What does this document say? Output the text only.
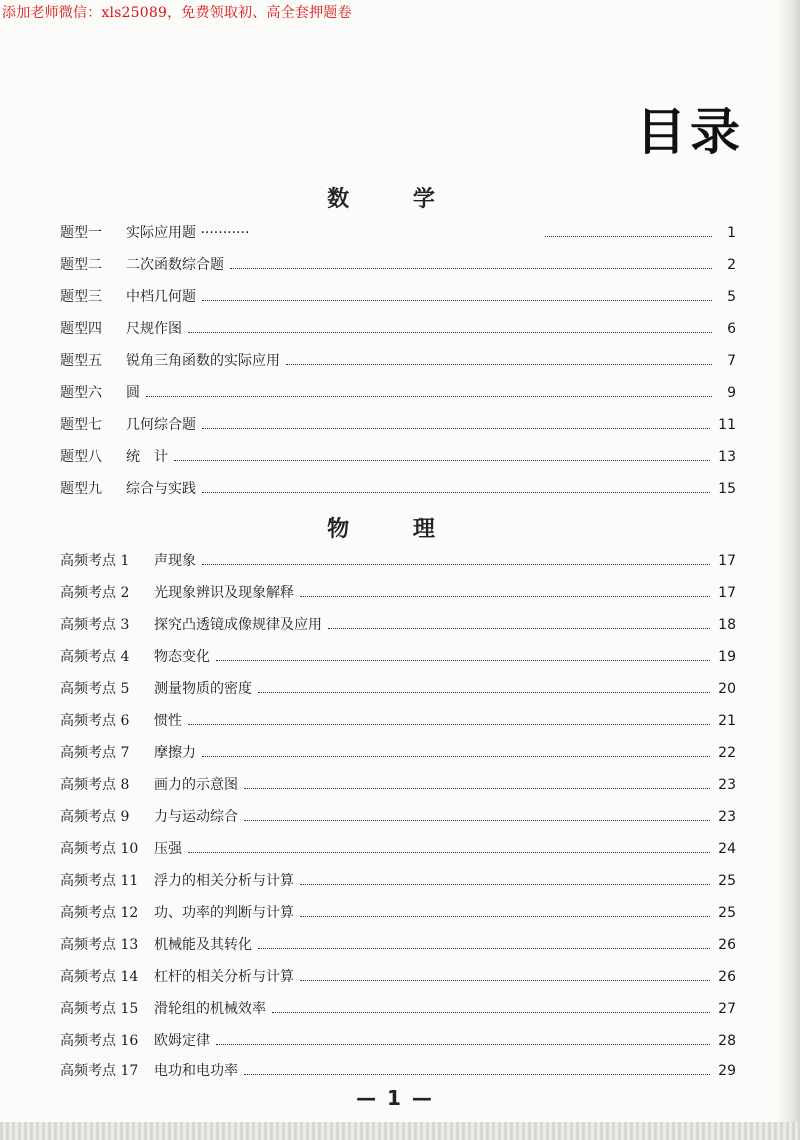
添加老师微信：xls25089，免费领取初、高全套押题卷
目录
数 学
题型一	实际应用题 ···········	1
题型二	二次函数综合题	2
题型三	中档几何题	5
题型四	尺规作图	6
题型五	锐角三角函数的实际应用	7
题型六	圆	9
题型七	几何综合题	11
题型八	统　计	13
题型九	综合与实践	15
物 理
高频考点 1	声现象	17
高频考点 2	光现象辨识及现象解释	17
高频考点 3	探究凸透镜成像规律及应用	18
高频考点 4	物态变化	19
高频考点 5	测量物质的密度	20
高频考点 6	惯性	21
高频考点 7	摩擦力	22
高频考点 8	画力的示意图	23
高频考点 9	力与运动综合	23
高频考点 10	压强	24
高频考点 11	浮力的相关分析与计算	25
高频考点 12	功、功率的判断与计算	25
高频考点 13	机械能及其转化	26
高频考点 14	杠杆的相关分析与计算	26
高频考点 15	滑轮组的机械效率	27
高频考点 16	欧姆定律	28
高频考点 17	电功和电功率	29
— 1 —
